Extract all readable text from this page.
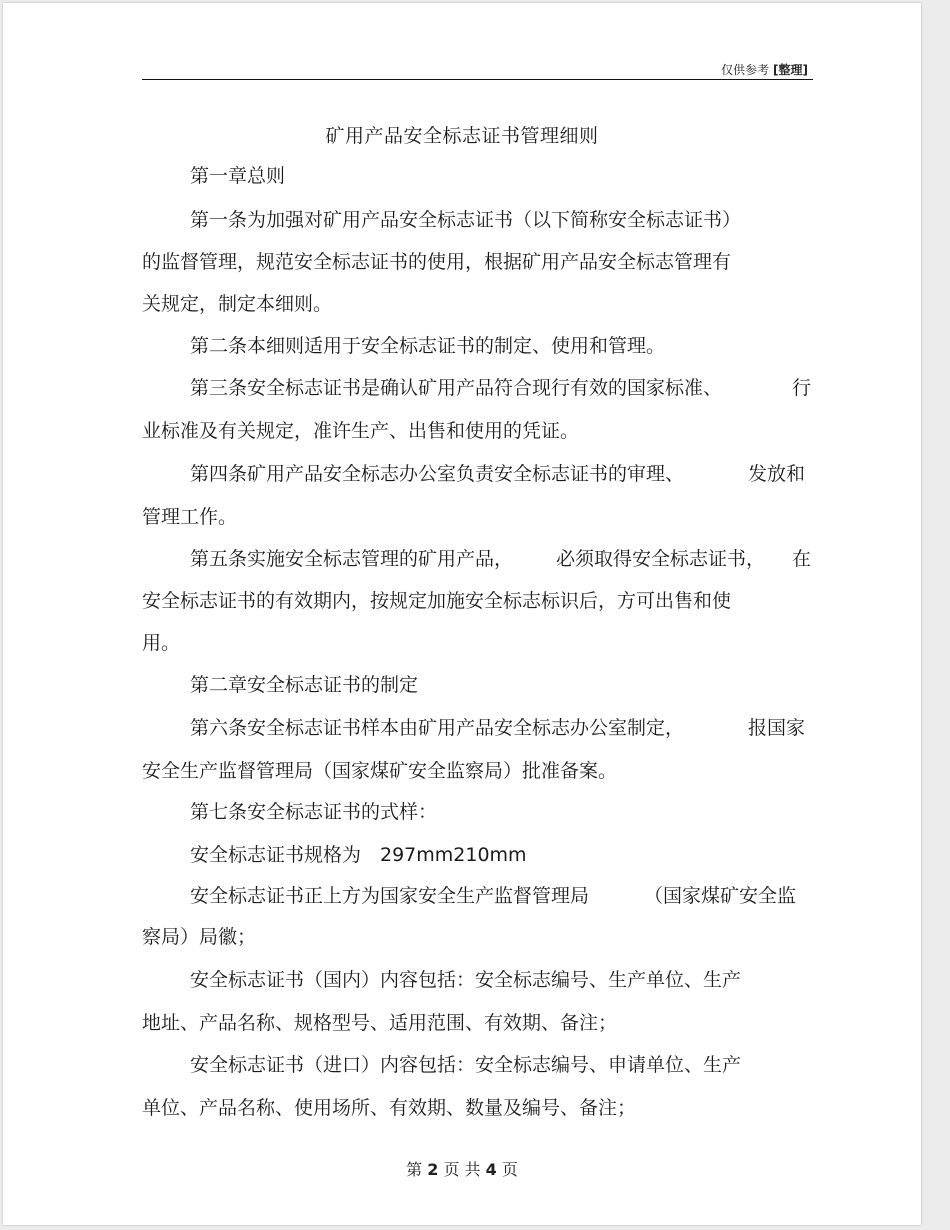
仅供参考 [整理]
矿用产品安全标志证书管理细则
第一章总则
第一条为加强对矿用产品安全标志证书（以下简称安全标志证书）
的监督管理，规范安全标志证书的使用，根据矿用产品安全标志管理有
关规定，制定本细则。
第二条本细则适用于安全标志证书的制定、使用和管理。
第三条安全标志证书是确认矿用产品符合现行有效的国家标准、	行
业标准及有关规定，准许生产、出售和使用的凭证。
第四条矿用产品安全标志办公室负责安全标志证书的审理、	发放和
管理工作。
第五条实施安全标志管理的矿用产品， 必须取得安全标志证书， 在
安全标志证书的有效期内，按规定加施安全标志标识后，方可出售和使
用。
第二章安全标志证书的制定
第六条安全标志证书样本由矿用产品安全标志办公室制定，	报国家
安全生产监督管理局（国家煤矿安全监察局）批准备案。
第七条安全标志证书的式样：
安全标志证书规格为　297mm210mm
安全标志证书正上方为国家安全生产监督管理局	（国家煤矿安全监
察局）局徽；
安全标志证书（国内）内容包括：安全标志编号、生产单位、生产
地址、产品名称、规格型号、适用范围、有效期、备注；
安全标志证书（进口）内容包括：安全标志编号、申请单位、生产
单位、产品名称、使用场所、有效期、数量及编号、备注；
第 2 页 共 4 页
